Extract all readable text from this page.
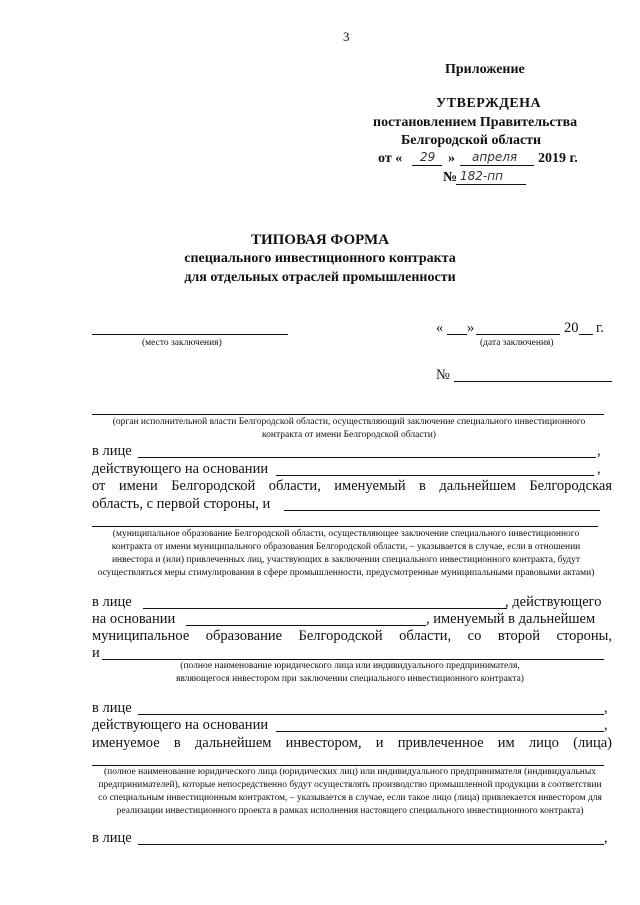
3
Приложение
УТВЕРЖДЕНА
постановлением Правительства
Белгородской области
от « 29 » апреля 2019 г.
№ 182-пп
ТИПОВАЯ ФОРМА
специального инвестиционного контракта
для отдельных отраслей промышленности
(место заключения)
« »	20 г.
(дата заключения)
№
(орган исполнительной власти Белгородской области, осуществляющий заключение специального инвестиционного контракта от имени Белгородской области)
в лице	,
действующего на основании	,
от имени Белгородской области, именуемый в дальнейшем Белгородская
область, с первой стороны, и
(муниципальное образование Белгородской области, осуществляющее заключение специального инвестиционного контракта от имени муниципального образования Белгородской области, – указывается в случае, если в отношении инвестора и (или) привлеченных лиц, участвующих в заключении специального инвестиционного контракта, будут осуществляться меры стимулирования в сфере промышленности, предусмотренные муниципальными правовыми актами)
в лице	, действующего
на основании	, именуемый в дальнейшем
муниципальное образование Белгородской области, со второй стороны,
и
(полное наименование юридического лица или индивидуального предпринимателя, являющегося инвестором при заключении специального инвестиционного контракта)
в лице	,
действующего на основании	,
именуемое в дальнейшем инвестором, и привлеченное им лицо (лица)
(полное наименование юридического лица (юридических лиц) или индивидуального предпринимателя (индивидуальных предпринимателей), которые непосредственно будут осуществлять производство промышленной продукции в соответствии со специальным инвестиционным контрактом, – указывается в случае, если такое лицо (лица) привлекается инвестором для реализации инвестиционного проекта в рамках исполнения настоящего специального инвестиционного контракта)
в лице	,
